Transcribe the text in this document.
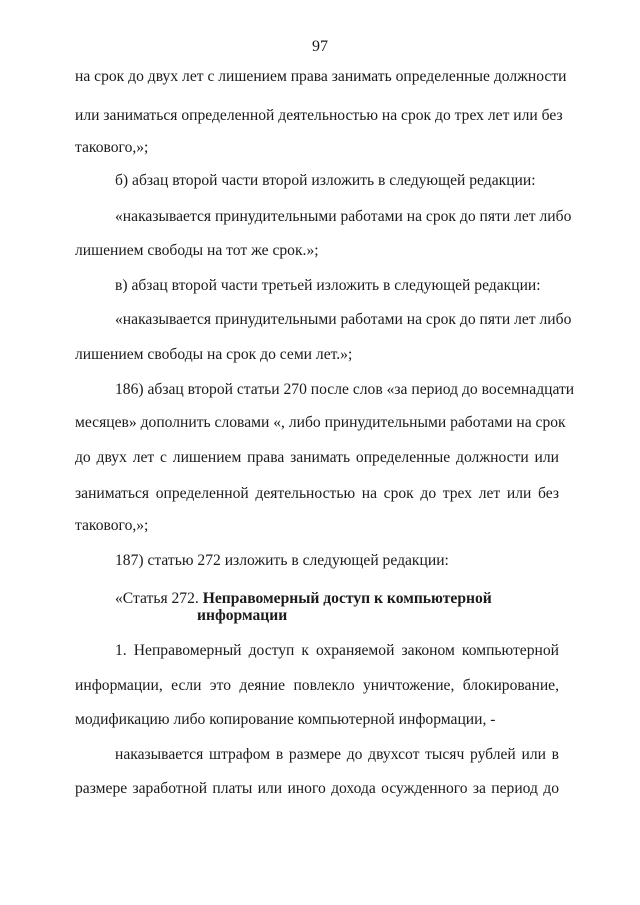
97
на срок до двух лет с лишением права занимать определенные должности
или заниматься определенной деятельностью на срок до трех лет или без
такового,»;
б) абзац второй части второй изложить в следующей редакции:
«наказывается принудительными работами на срок до пяти лет либо
лишением свободы на тот же срок.»;
в) абзац второй части третьей изложить в следующей редакции:
«наказывается принудительными работами на срок до пяти лет либо
лишением свободы на срок до семи лет.»;
186) абзац второй статьи 270 после слов «за период до восемнадцати
месяцев» дополнить словами «, либо принудительными работами на срок
до двух лет с лишением права занимать определенные должности или
заниматься определенной деятельностью на срок до трех лет или без
такового,»;
187) статью 272 изложить в следующей редакции:
«Статья 272. Неправомерный доступ к компьютерной
информации
1. Неправомерный доступ к охраняемой законом компьютерной
информации, если это деяние повлекло уничтожение, блокирование,
модификацию либо копирование компьютерной информации, -
наказывается штрафом в размере до двухсот тысяч рублей или в
размере заработной платы или иного дохода осужденного за период до
